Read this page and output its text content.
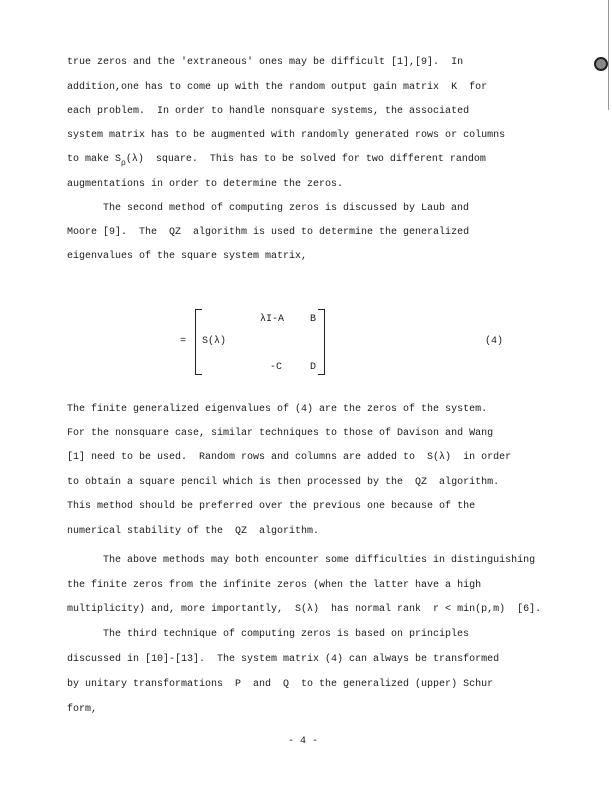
true zeros and the 'extraneous' ones may be difficult [1],[9].  In
addition,one has to come up with the random output gain matrix  K  for
each problem.  In order to handle nonsquare systems, the associated
system matrix has to be augmented with randomly generated rows or columns
to make $S_\rho(\lambda)$  square.  This has to be solved for two different random
augmentations in order to determine the zeros.
The second method of computing zeros is discussed by Laub and
Moore [9].  The  QZ  algorithm is used to determine the generalized
eigenvalues of the square system matrix,
S(λ)
=
λI-A	B
-C	D
(4)
The finite generalized eigenvalues of (4) are the zeros of the system.
For the nonsquare case, similar techniques to those of Davison and Wang
[1] need to be used.  Random rows and columns are added to  S(λ)  in order
to obtain a square pencil which is then processed by the  QZ  algorithm.
This method should be preferred over the previous one because of the
numerical stability of the  QZ  algorithm.
The above methods may both encounter some difficulties in distinguishing
the finite zeros from the infinite zeros (when the latter have a high
multiplicity) and, more importantly,  S(λ)  has normal rank  r < min(p,m)  [6].
The third technique of computing zeros is based on principles
discussed in [10]-[13].  The system matrix (4) can always be transformed
by unitary transformations  P  and  Q  to the generalized (upper) Schur
form,
- 4 -
